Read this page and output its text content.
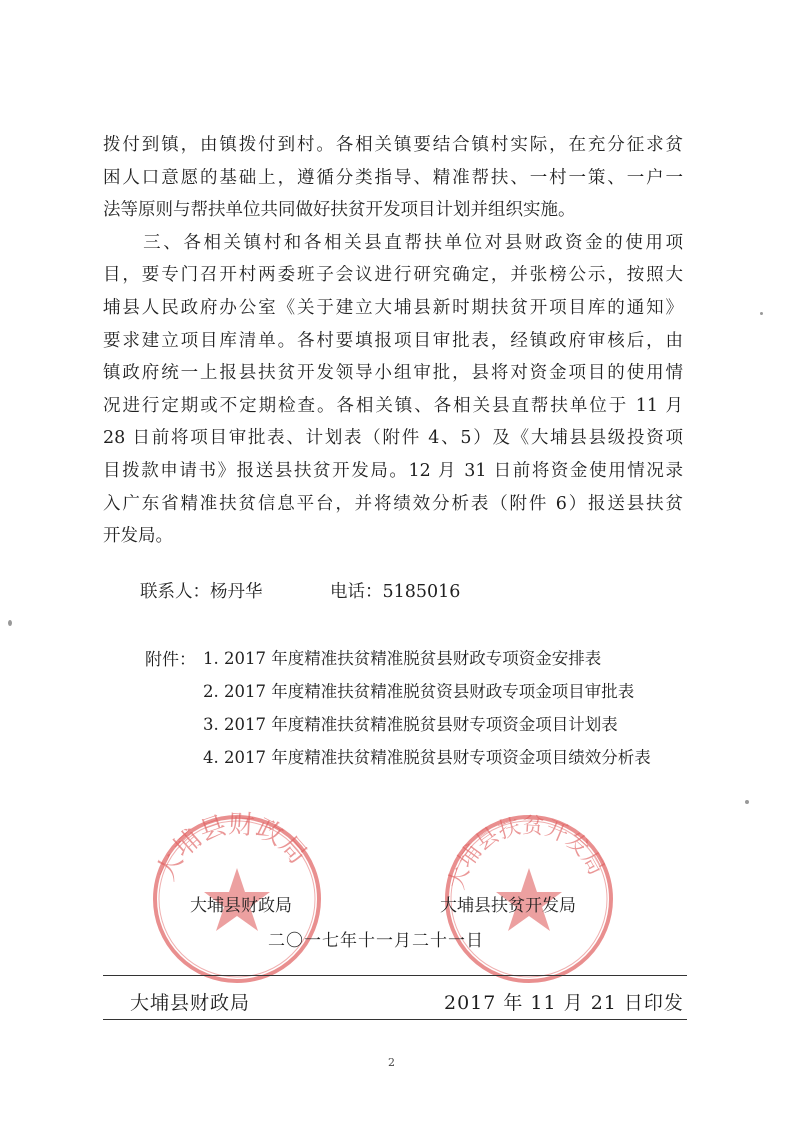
拨付到镇，由镇拨付到村。各相关镇要结合镇村实际，在充分征求贫
困人口意愿的基础上，遵循分类指导、精准帮扶、一村一策、一户一
法等原则与帮扶单位共同做好扶贫开发项目计划并组织实施。
　　三、各相关镇村和各相关县直帮扶单位对县财政资金的使用项
目，要专门召开村两委班子会议进行研究确定，并张榜公示，按照大
埔县人民政府办公室《关于建立大埔县新时期扶贫开项目库的通知》
要求建立项目库清单。各村要填报项目审批表，经镇政府审核后，由
镇政府统一上报县扶贫开发领导小组审批，县将对资金项目的使用情
况进行定期或不定期检查。各相关镇、各相关县直帮扶单位于 11 月
28 日前将项目审批表、计划表（附件 4、5）及《大埔县县级投资项
目拨款申请书》报送县扶贫开发局。12 月 31 日前将资金使用情况录
入广东省精准扶贫信息平台，并将绩效分析表（附件 6）报送县扶贫
开发局。
联系人：杨丹华	电话：5185016
附件： 1. 2017 年度精准扶贫精准脱贫县财政专项资金安排表
2. 2017 年度精准扶贫精准脱贫资县财政专项金项目审批表
3. 2017 年度精准扶贫精准脱贫县财专项资金项目计划表
4. 2017 年度精准扶贫精准脱贫县财专项资金项目绩效分析表
大埔县财政局
大埔县扶贫开发局
大埔县财政局	大埔县扶贫开发局
二〇一七年十一月二十一日
大埔县财政局	2017 年 11 月 21 日印发
2
